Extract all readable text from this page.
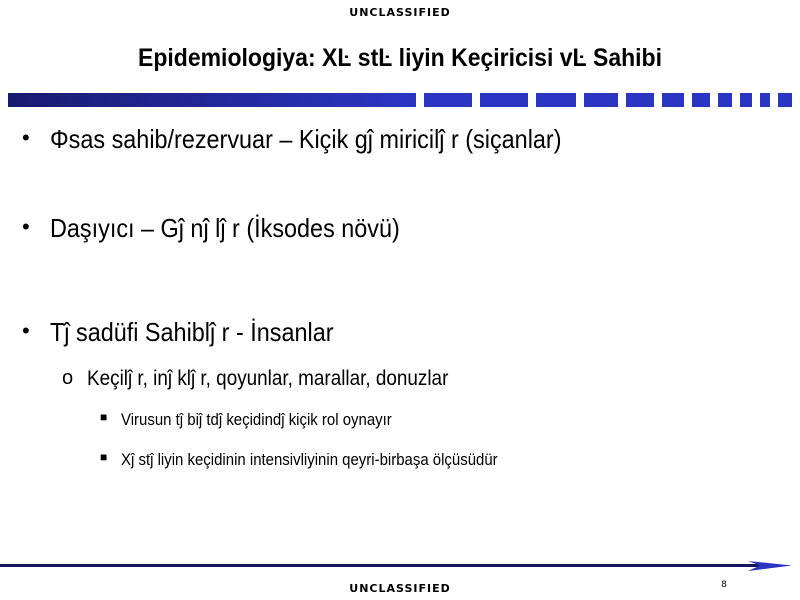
UNCLASSIFIED
Epidemiologiya: XĿ stĿ liyin Keçiricisi vĿ Sahibi
• Φsas sahib/rezervuar – Kiçik gĵ miricilĵ r (siçanlar)
• Daşıyıcı – Gĵ nĵ lĵ r (İksodes növü)
• Tĵ sadüfi Sahiblĵ r - İnsanlar
o Keçilĵ r, inĵ klĵ r, qoyunlar, marallar, donuzlar
■ Virusun tĵ biĵ tdĵ keçidindĵ kiçik rol oynayır
■ Xĵ stĵ liyin keçidinin intensivliyinin qeyri-birbaşa ölçüsüdür
8
UNCLASSIFIED
